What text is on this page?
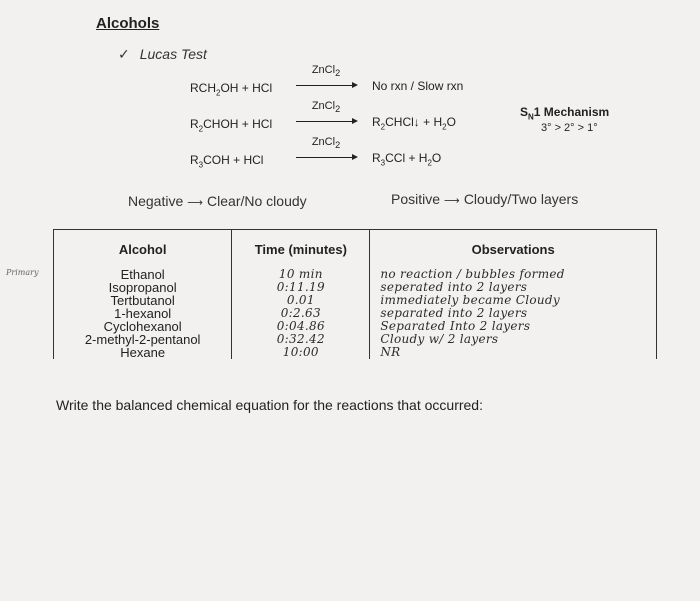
Alcohols
✓ Lucas Test
$RCH_2OH$ + HCl
ZnCl$_2$
→ No rxn / Slow rxn
$R_2CHOH$ + HCl
ZnCl$_2$
→ $R_2CHCl↓ + H_2O$
$R_3COH$ + HCl
ZnCl$_2$
→ $R_3CCl + H_2O$
$S_N1$ Mechanism
3° > 2° > 1°
Negative ⟶ Clear/No cloudy	Positive ⟶ Cloudy/Two layers
Primary
Alcohol	Time (minutes)	Observations
Ethanol	10 min	no reaction / bubbles formed
Isopropanol	0:11.19	seperated into 2 layers
Tertbutanol	0.01	immediately became Cloudy
1-hexanol	0:2.63	separated into 2 layers
Cyclohexanol	0:04.86	Separated Into 2 layers
2-methyl-2-pentanol	0:32.42	Cloudy w/ 2 layers
Hexane	10:00	NR
Write the balanced chemical equation for the reactions that occurred:
